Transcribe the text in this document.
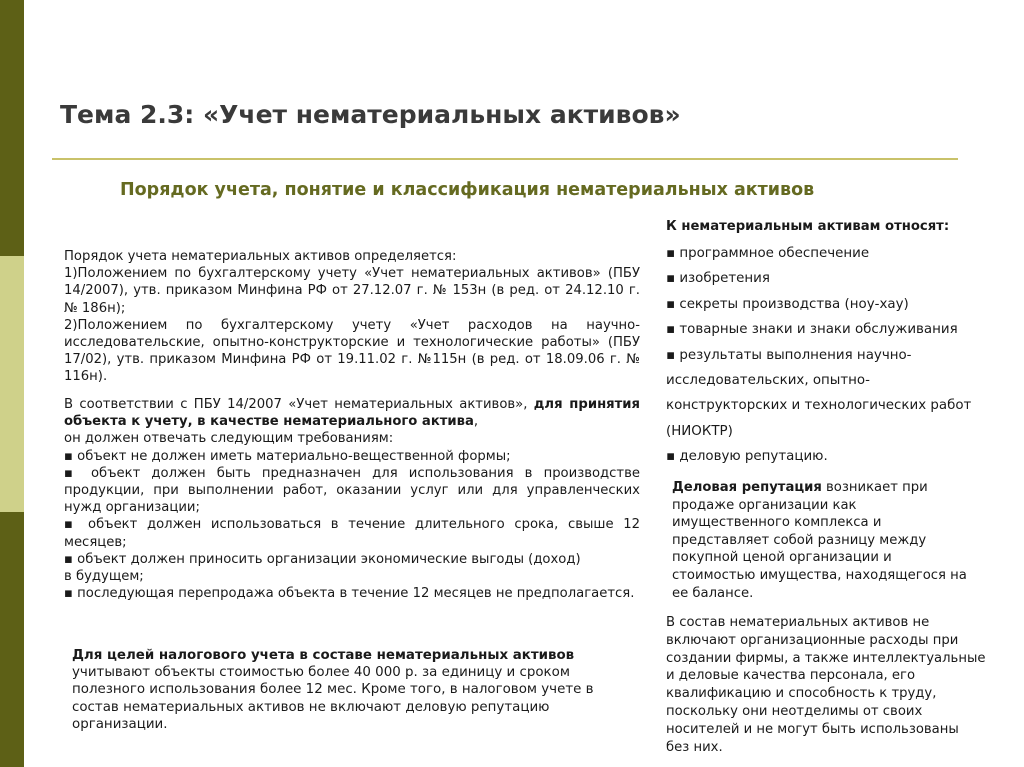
Тема 2.3: «Учет нематериальных активов»
Порядок учета, понятие и классификация нематериальных активов

Порядок учета нематериальных активов определяется:
1)Положением по бухгалтерскому учету «Учет нематериальных активов» (ПБУ 14/2007), утв. приказом Минфина РФ от 27.12.07 г. № 153н (в ред. от 24.12.10 г. № 186н);
2)Положением по бухгалтерскому учету «Учет расходов на научно-исследовательские, опытно-конструкторские и технологические работы» (ПБУ 17/02), утв. приказом Минфина РФ от 19.11.02 г. №115н (в ред. от 18.09.06 г. № 116н).

В соответствии с ПБУ 14/2007 «Учет нематериальных активов», для принятия объекта к учету, в качестве нематериального актива,
он должен отвечать следующим требованиям:
▪ объект не должен иметь материально-вещественной формы;
▪ объект должен быть предназначен для использования в производстве продукции, при выполнении работ, оказании услуг или для управленческих нужд организации;
▪ объект должен использоваться в течение длительного срока, свыше 12 месяцев;
▪ объект должен приносить организации экономические выгоды (доход)
в будущем;
▪ последующая перепродажа объекта в течение 12 месяцев не предполагается.

Для целей налогового учета в составе нематериальных активов
учитывают объекты стоимостью более 40 000 р. за единицу и сроком полезного использования более 12 мес. Кроме того, в налоговом учете в состав нематериальных активов не включают деловую репутацию организации.

К нематериальным активам относят:
▪ программное обеспечение
▪ изобретения
▪ секреты производства (ноу-хау)
▪ товарные знаки и знаки обслуживания
▪ результаты выполнения научно-
исследовательских, опытно-
конструкторских и технологических работ
(НИОКТР)
▪ деловую репутацию.
Деловая репутация возникает при продаже организации как имущественного комплекса и представляет собой разницу между покупной ценой организации и стоимостью имущества, находящегося на ее балансе.
В состав нематериальных активов не включают организационные расходы при создании фирмы, а также интеллектуальные и деловые качества персонала, его квалификацию и способность к труду, поскольку они неотделимы от своих носителей и не могут быть использованы без них.
